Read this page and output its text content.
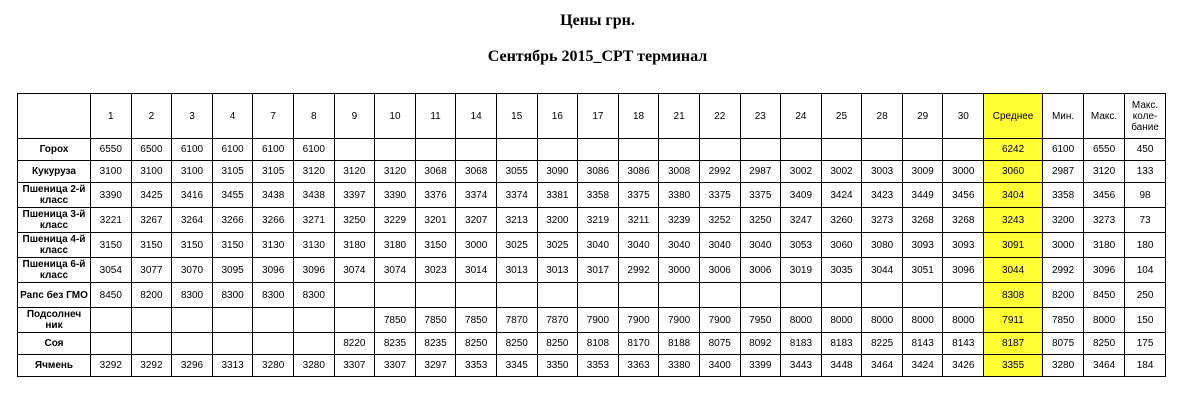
Цены грн.
Сентябрь 2015_CPT терминал
	1	2	3	4	7	8	9	10	11	14	15	16	17	18	21	22	23	24	25	28	29	30	Среднее	Мин.	Макс.	Макс. коле- бание
Горох	6550	6500	6100	6100	6100	6100																	6242	6100	6550	450
Кукуруза	3100	3100	3100	3105	3105	3120	3120	3120	3068	3068	3055	3090	3086	3086	3008	2992	2987	3002	3002	3003	3009	3000	3060	2987	3120	133
Пшеница 2-й класс	3390	3425	3416	3455	3438	3438	3397	3390	3376	3374	3374	3381	3358	3375	3380	3375	3375	3409	3424	3423	3449	3456	3404	3358	3456	98
Пшеница 3-й класс	3221	3267	3264	3266	3266	3271	3250	3229	3201	3207	3213	3200	3219	3211	3239	3252	3250	3247	3260	3273	3268	3268	3243	3200	3273	73
Пшеница 4-й класс	3150	3150	3150	3150	3130	3130	3180	3180	3150	3000	3025	3025	3040	3040	3040	3040	3040	3053	3060	3080	3093	3093	3091	3000	3180	180
Пшеница 6-й класс	3054	3077	3070	3095	3096	3096	3074	3074	3023	3014	3013	3013	3017	2992	3000	3006	3006	3019	3035	3044	3051	3096	3044	2992	3096	104
Рапс без ГМО	8450	8200	8300	8300	8300	8300																	8308	8200	8450	250
Подсолнеч ник								7850	7850	7850	7870	7870	7900	7900	7900	7900	7950	8000	8000	8000	8000	8000	7911	7850	8000	150
Соя							8220	8235	8235	8250	8250	8250	8108	8170	8188	8075	8092	8183	8183	8225	8143	8143	8187	8075	8250	175
Ячмень	3292	3292	3296	3313	3280	3280	3307	3307	3297	3353	3345	3350	3353	3363	3380	3400	3399	3443	3448	3464	3424	3426	3355	3280	3464	184
